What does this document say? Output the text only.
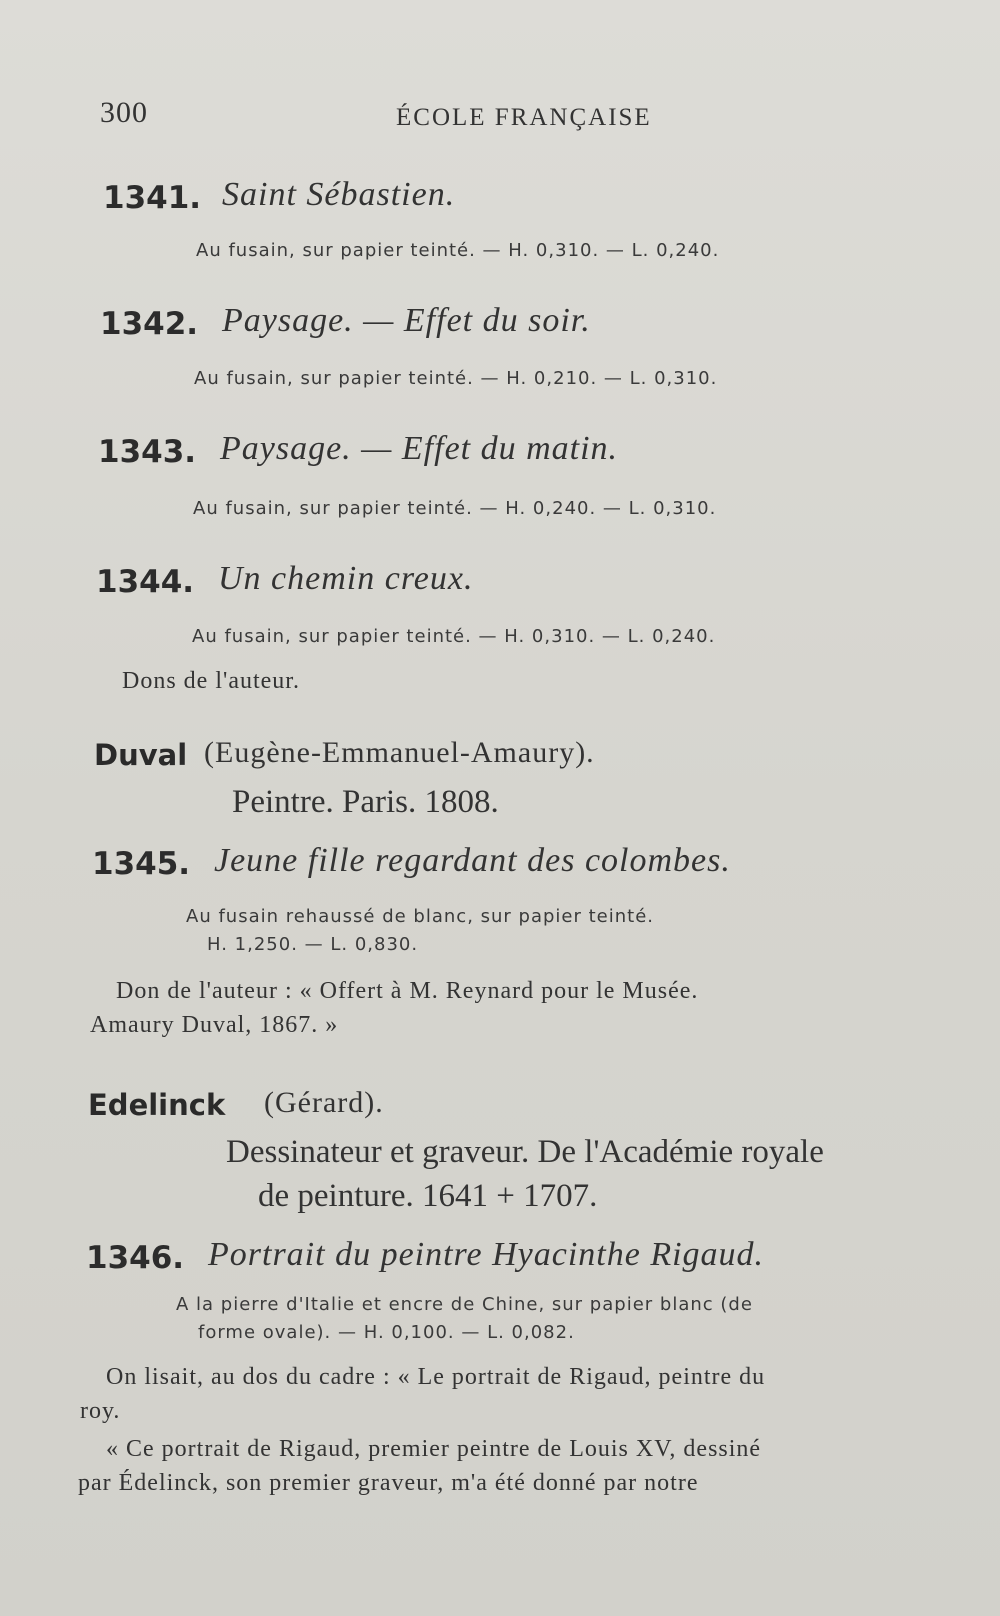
300	ÉCOLE FRANÇAISE
1341. Saint Sébastien.
Au fusain, sur papier teinté. — H. 0,310. — L. 0,240.
1342. Paysage. — Effet du soir.
Au fusain, sur papier teinté. — H. 0,210. — L. 0,310.
1343. Paysage. — Effet du matin.
Au fusain, sur papier teinté. — H. 0,240. — L. 0,310.
1344. Un chemin creux.
Au fusain, sur papier teinté. — H. 0,310. — L. 0,240.
Dons de l'auteur.
Duval (Eugène-Emmanuel-Amaury).
Peintre. Paris. 1808.
1345. Jeune fille regardant des colombes.
Au fusain rehaussé de blanc, sur papier teinté.
H. 1,250. — L. 0,830.
Don de l'auteur : « Offert à M. Reynard pour le Musée.
Amaury Duval, 1867. »
Edelinck (Gérard).
Dessinateur et graveur. De l'Académie royale
de peinture. 1641 + 1707.
1346. Portrait du peintre Hyacinthe Rigaud.
A la pierre d'Italie et encre de Chine, sur papier blanc (de
forme ovale). — H. 0,100. — L. 0,082.
On lisait, au dos du cadre : « Le portrait de Rigaud, peintre du
roy.
« Ce portrait de Rigaud, premier peintre de Louis XV, dessiné
par Édelinck, son premier graveur, m'a été donné par notre
